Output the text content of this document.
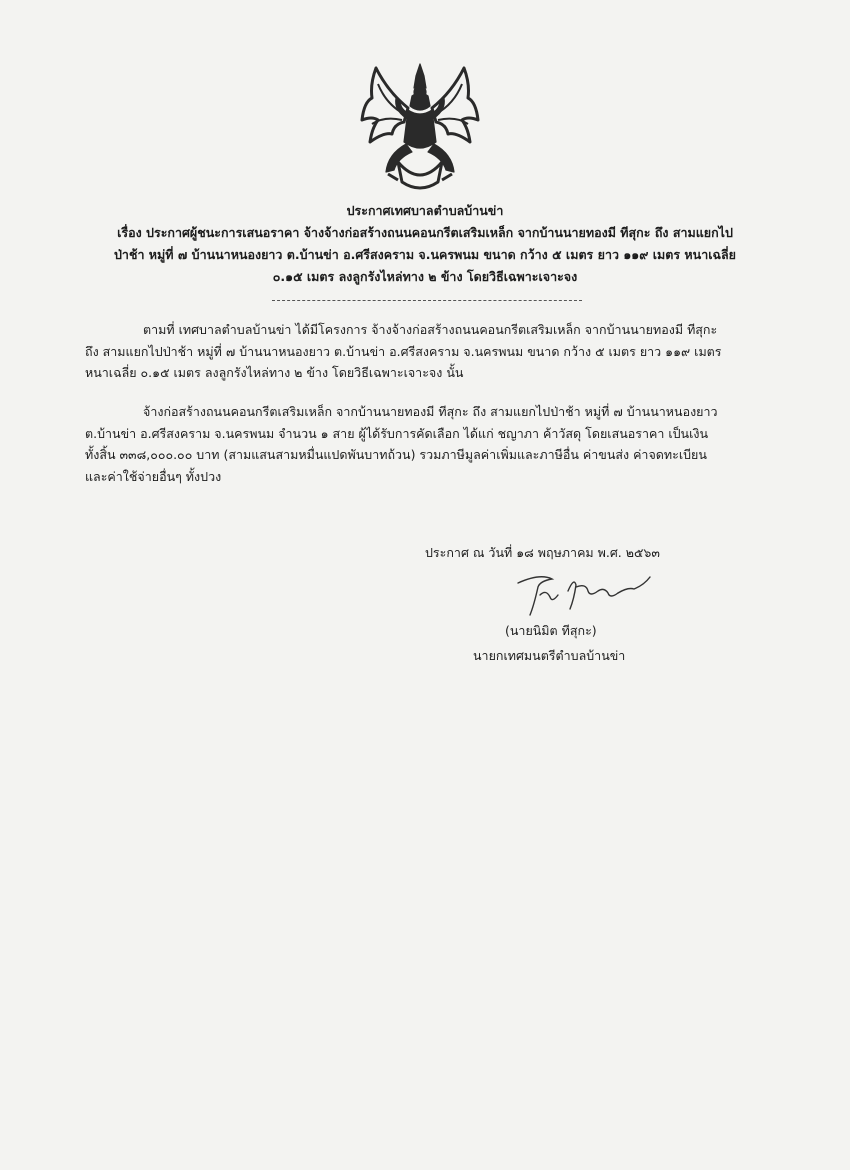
ประกาศเทศบาลตำบลบ้านข่า
เรื่อง ประกาศผู้ชนะการเสนอราคา จ้างจ้างก่อสร้างถนนคอนกรีตเสริมเหล็ก จากบ้านนายทองมี ทีสุกะ ถึง สามแยกไป
ป่าช้า หมู่ที่ ๗ บ้านนาหนองยาว ต.บ้านข่า อ.ศรีสงคราม จ.นครพนม ขนาด กว้าง ๕ เมตร ยาว ๑๑๙ เมตร หนาเฉลี่ย
๐.๑๕ เมตร ลงลูกรังไหล่ทาง ๒ ข้าง โดยวิธีเฉพาะเจาะจง
ตามที่ เทศบาลตำบลบ้านข่า ได้มีโครงการ จ้างจ้างก่อสร้างถนนคอนกรีตเสริมเหล็ก จากบ้านนายทองมี ทีสุกะ
ถึง สามแยกไปป่าช้า หมู่ที่ ๗ บ้านนาหนองยาว ต.บ้านข่า อ.ศรีสงคราม จ.นครพนม ขนาด กว้าง ๕ เมตร ยาว ๑๑๙ เมตร
หนาเฉลี่ย ๐.๑๕ เมตร ลงลูกรังไหล่ทาง ๒ ข้าง โดยวิธีเฉพาะเจาะจง นั้น
จ้างก่อสร้างถนนคอนกรีตเสริมเหล็ก จากบ้านนายทองมี ทีสุกะ ถึง สามแยกไปป่าช้า หมู่ที่ ๗ บ้านนาหนองยาว
ต.บ้านข่า อ.ศรีสงคราม จ.นครพนม จำนวน ๑ สาย ผู้ได้รับการคัดเลือก ได้แก่ ชญาภา ค้าวัสดุ โดยเสนอราคา เป็นเงิน
ทั้งสิ้น ๓๓๘,๐๐๐.๐๐ บาท (สามแสนสามหมื่นแปดพันบาทถ้วน) รวมภาษีมูลค่าเพิ่มและภาษีอื่น ค่าขนส่ง ค่าจดทะเบียน
และค่าใช้จ่ายอื่นๆ ทั้งปวง
ประกาศ ณ วันที่ ๑๘ พฤษภาคม พ.ศ. ๒๕๖๓
(นายนิมิต ทีสุกะ)
นายกเทศมนตรีตำบลบ้านข่า
